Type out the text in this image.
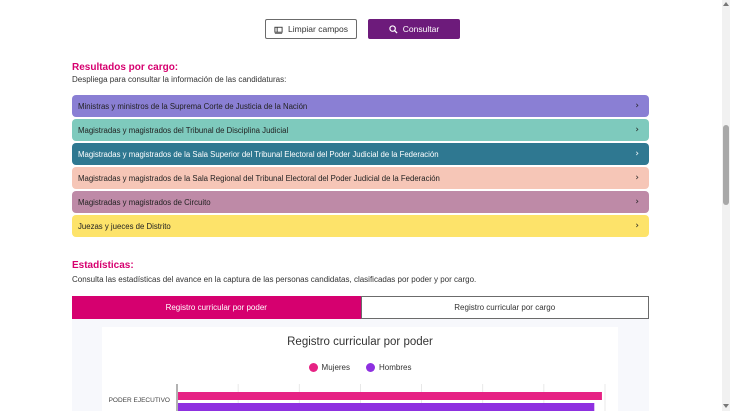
Limpiar campos	Consultar
Resultados por cargo:
Despliega para consultar la información de las candidaturas:
Ministras y ministros de la Suprema Corte de Justicia de la Nación	›
Magistradas y magistrados del Tribunal de Disciplina Judicial	›
Magistradas y magistrados de la Sala Superior del Tribunal Electoral del Poder Judicial de la Federación	›
Magistradas y magistrados de la Sala Regional del Tribunal Electoral del Poder Judicial de la Federación	›
Magistradas y magistrados de Circuito	›
Juezas y jueces de Distrito	›
Estadísticas:
Consulta las estadísticas del avance en la captura de las personas candidatas, clasificadas por poder y por cargo.
Registro curricular por poder	Registro curricular por cargo
Registro curricular por poder
Mujeres	Hombres
PODER EJECUTIVO
